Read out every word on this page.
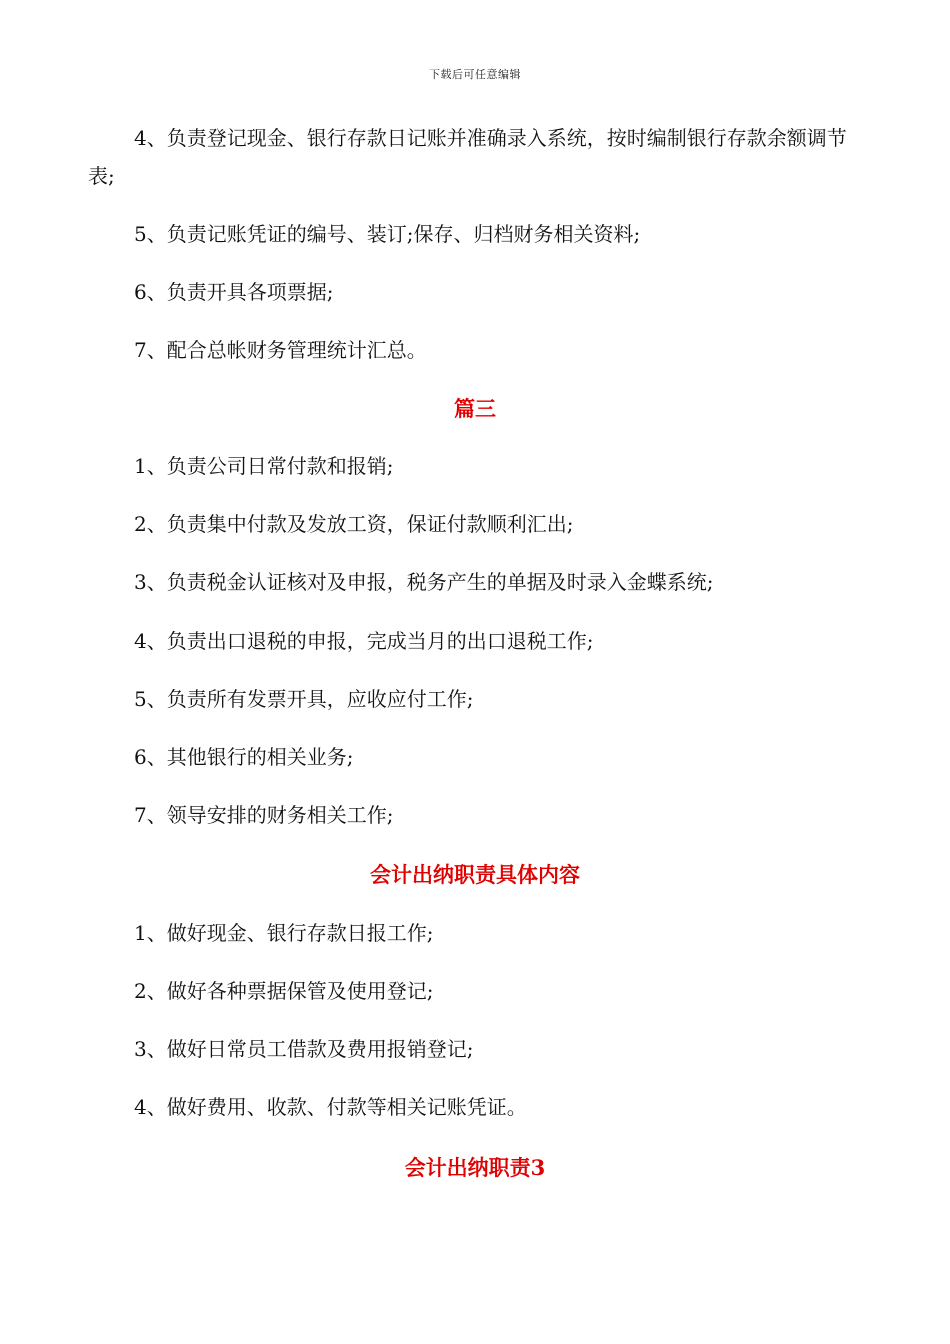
下载后可任意编辑
4、负责登记现金、银行存款日记账并准确录入系统，按时编制银行存款余额调节表;
5、负责记账凭证的编号、装订;保存、归档财务相关资料;
6、负责开具各项票据;
7、配合总帐财务管理统计汇总。
篇三
1、负责公司日常付款和报销;
2、负责集中付款及发放工资，保证付款顺利汇出;
3、负责税金认证核对及申报，税务产生的单据及时录入金蝶系统;
4、负责出口退税的申报，完成当月的出口退税工作;
5、负责所有发票开具，应收应付工作;
6、其他银行的相关业务;
7、领导安排的财务相关工作;
会计出纳职责具体内容
1、做好现金、银行存款日报工作;
2、做好各种票据保管及使用登记;
3、做好日常员工借款及费用报销登记;
4、做好费用、收款、付款等相关记账凭证。
会计出纳职责3
